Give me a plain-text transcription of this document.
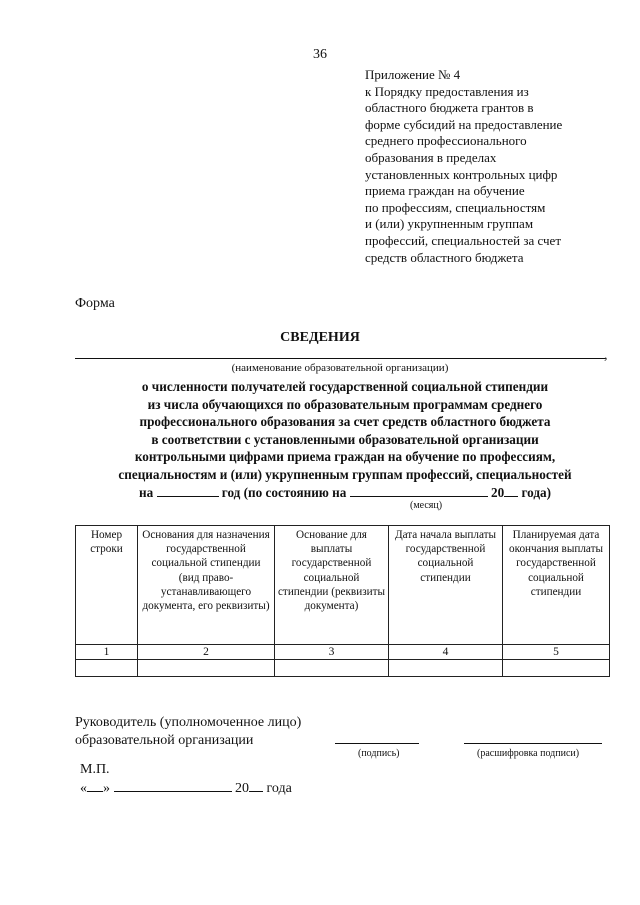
36
Приложение № 4
к Порядку предоставления из
областного бюджета грантов в
форме субсидий на предоставление
среднего профессионального
образования в пределах
установленных контрольных цифр
приема граждан на обучение
по профессиям, специальностям
и (или) укрупненным группам
профессий, специальностей за счет
средств областного бюджета
Форма
СВЕДЕНИЯ
,
(наименование образовательной организации)
о численности получателей государственной социальной стипендии
из числа обучающихся по образовательным программам среднего
профессионального образования за счет средств областного бюджета
в соответствии с установленными образовательной организации
контрольными цифрами приема граждан на обучение по профессиям,
специальностям и (или) укрупненным группам профессий, специальностей
на	год (по состоянию на	20 года)
(месяц)
Номер строки	Основания для назначения государственной социальной стипендии (вид право-устанавливающего документа, его реквизиты)	Основание для выплаты государственной социальной стипендии (реквизиты документа)	Дата начала выплаты государственной социальной стипендии	Планируемая дата окончания выплаты государственной социальной стипендии
1	2	3	4	5

Руководитель (уполномоченное лицо)
образовательной организации
(подпись)	(расшифровка подписи)
М.П.
« »	20 года
